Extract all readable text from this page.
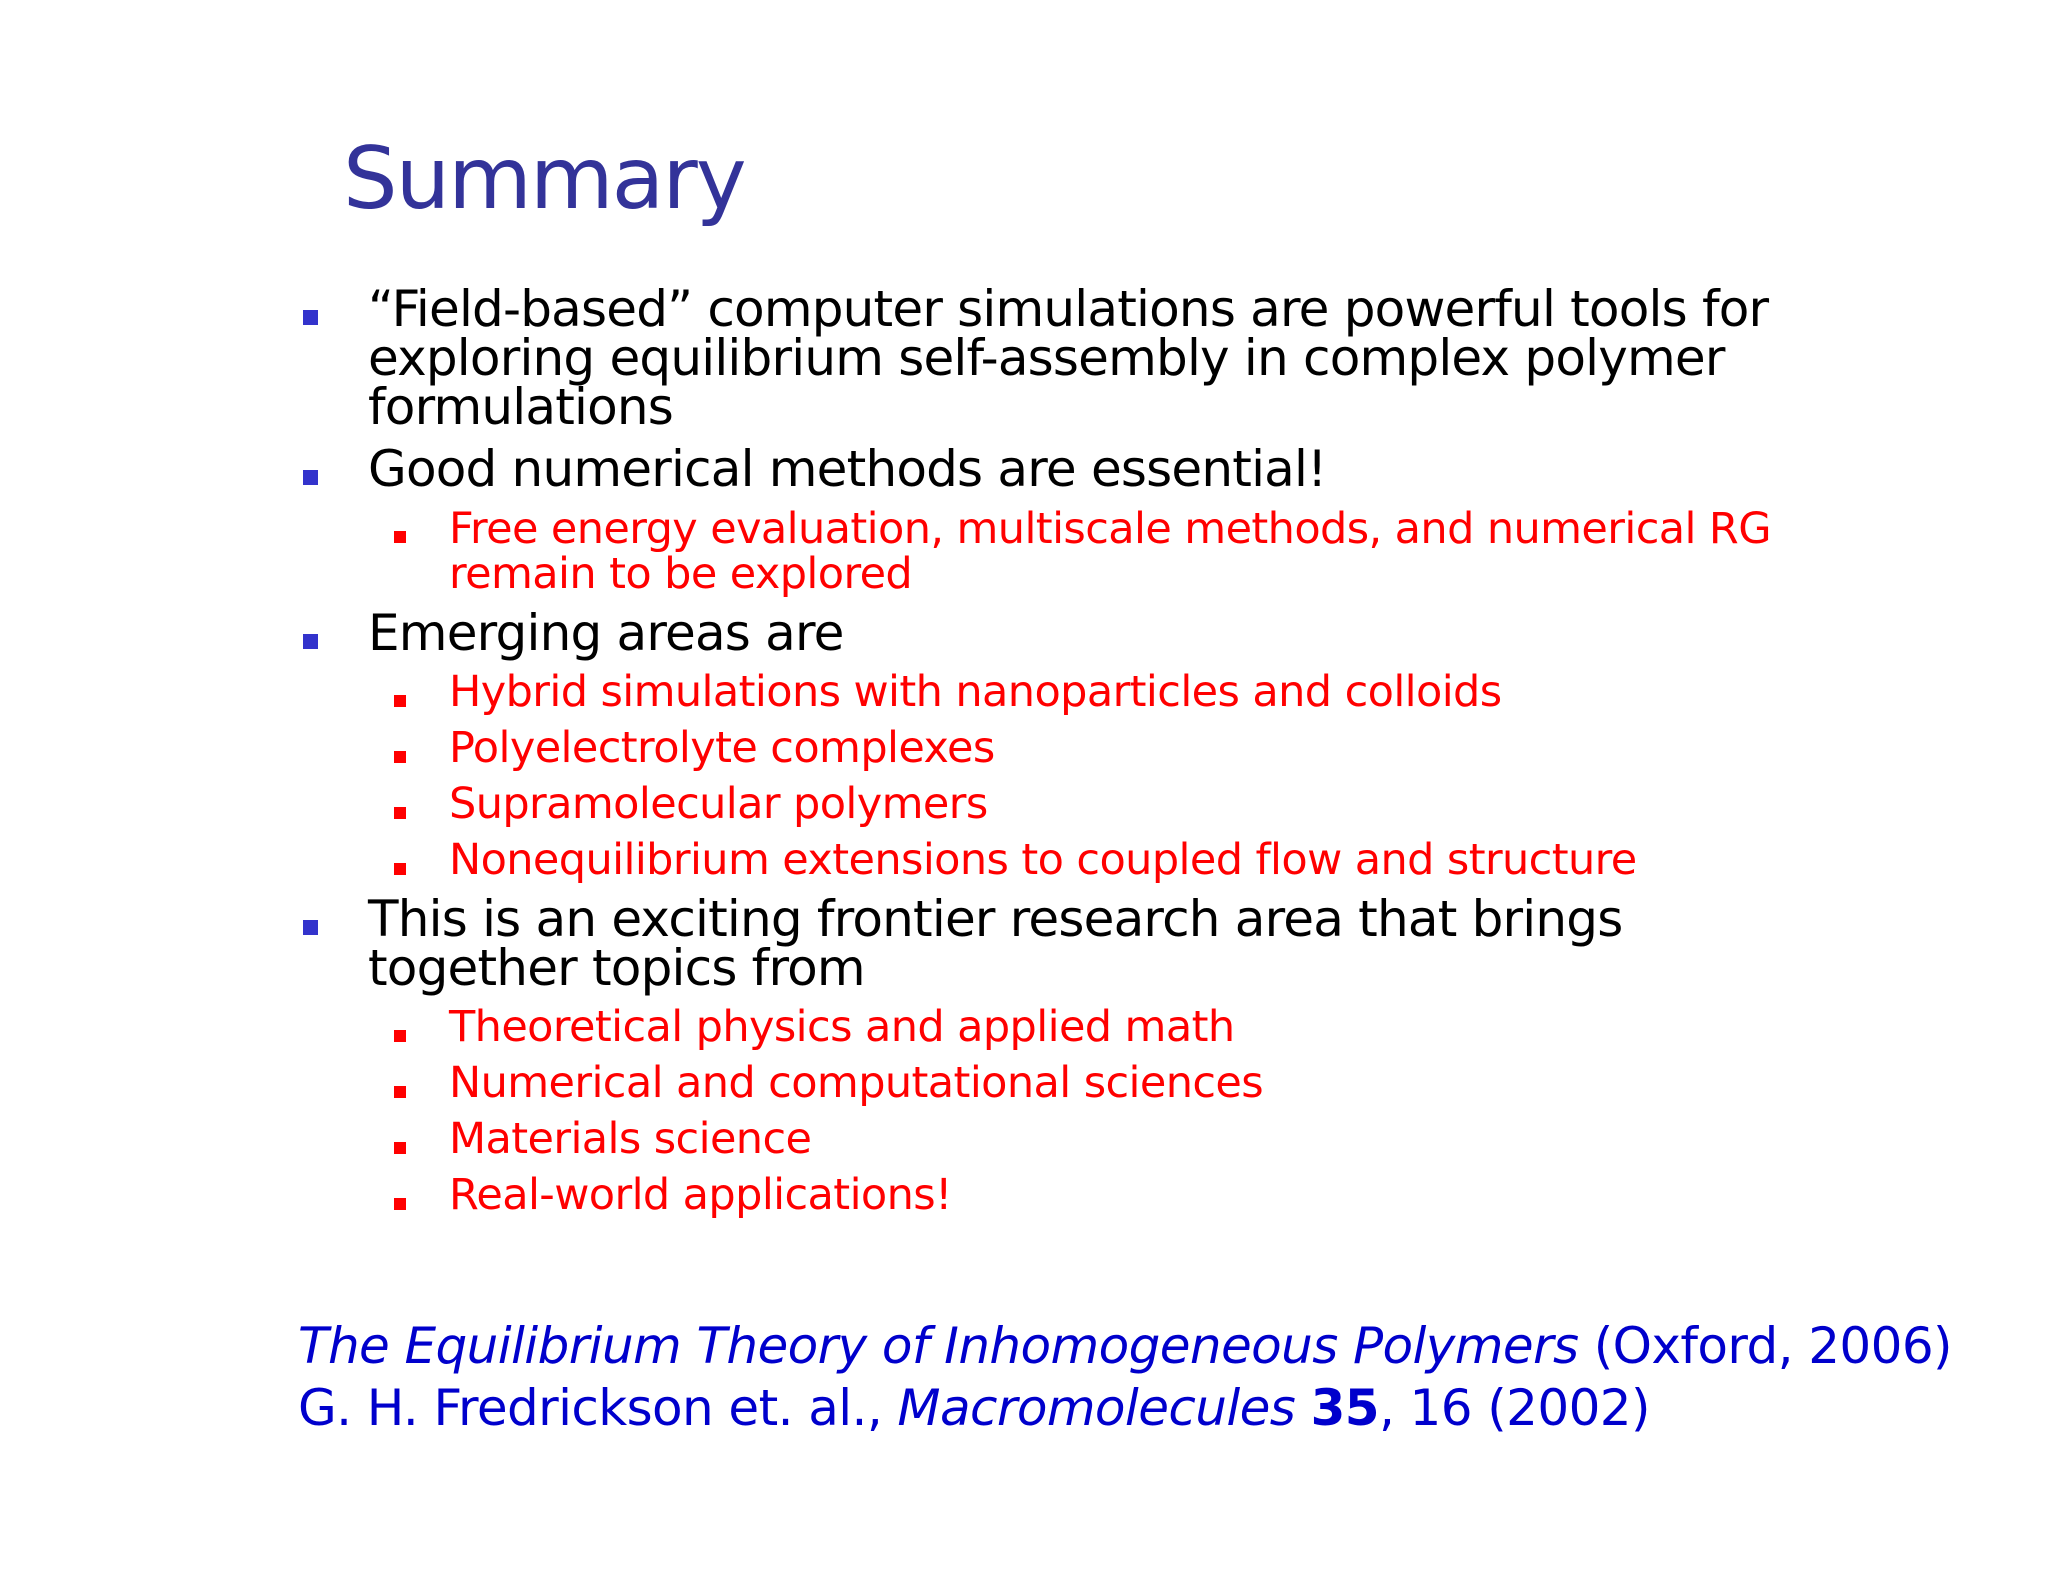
Summary

“Field-based” computer simulations are powerful tools for exploring equilibrium self-assembly in complex polymer formulations

Good numerical methods are essential!

Free energy evaluation, multiscale methods, and numerical RG remain to be explored

Emerging areas are

Hybrid simulations with nanoparticles and colloids

Polyelectrolyte complexes

Supramolecular polymers

Nonequilibrium extensions to coupled flow and structure

This is an exciting frontier research area that brings together topics from

Theoretical physics and applied math

Numerical and computational sciences

Materials science

Real-world applications!

The Equilibrium Theory of Inhomogeneous Polymers (Oxford, 2006)
G. H. Fredrickson et. al., Macromolecules 35, 16 (2002)
